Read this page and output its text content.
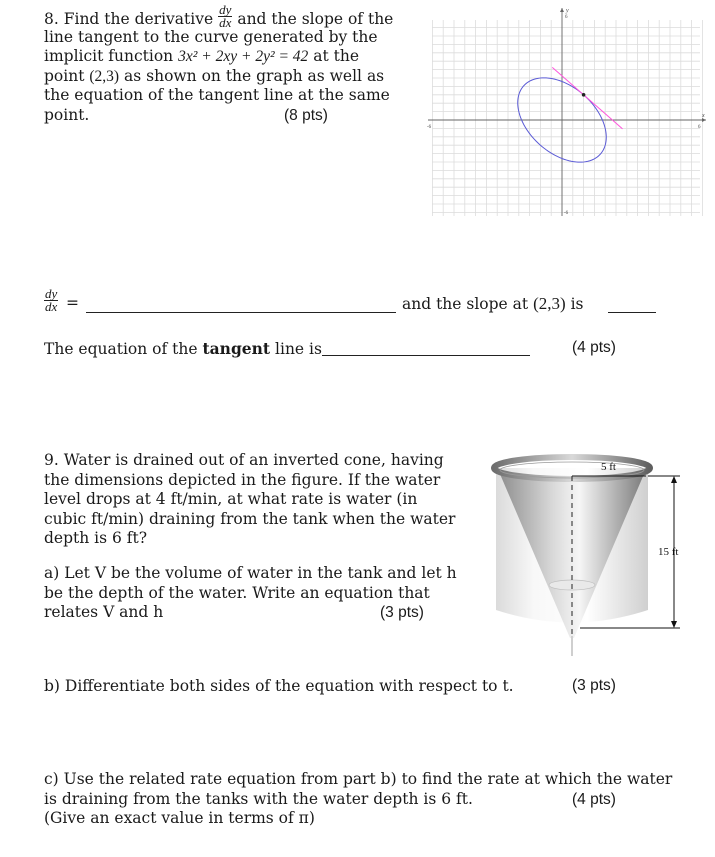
8. Find the derivative $\frac{dy}{dx}$ and the slope of the
line tangent to the curve generated by the
implicit function 3x² + 2xy + 2y² = 42 at the
point (2,3) as shown on the graph as well as
the equation of the tangent line at the same
point.	(8 pts)
-6	6
-6
6
x
y
$\frac{dy}{dx}$ =	and the slope at (2,3) is
The equation of the tangent line is	(4 pts)
9. Water is drained out of an inverted cone, having
the dimensions depicted in the figure. If the water
level drops at 4 ft/min, at what rate is water (in
cubic ft/min) draining from the tank when the water
depth is 6 ft?
a) Let V be the volume of water in the tank and let h
be the depth of the water. Write an equation that
relates V and h	(3 pts)
5 ft
15 ft
b) Differentiate both sides of the equation with respect to t.	(3 pts)
c) Use the related rate equation from part b) to find the rate at which the water
is draining from the tanks with the water depth is 6 ft.	(4 pts)
(Give an exact value in terms of π)
